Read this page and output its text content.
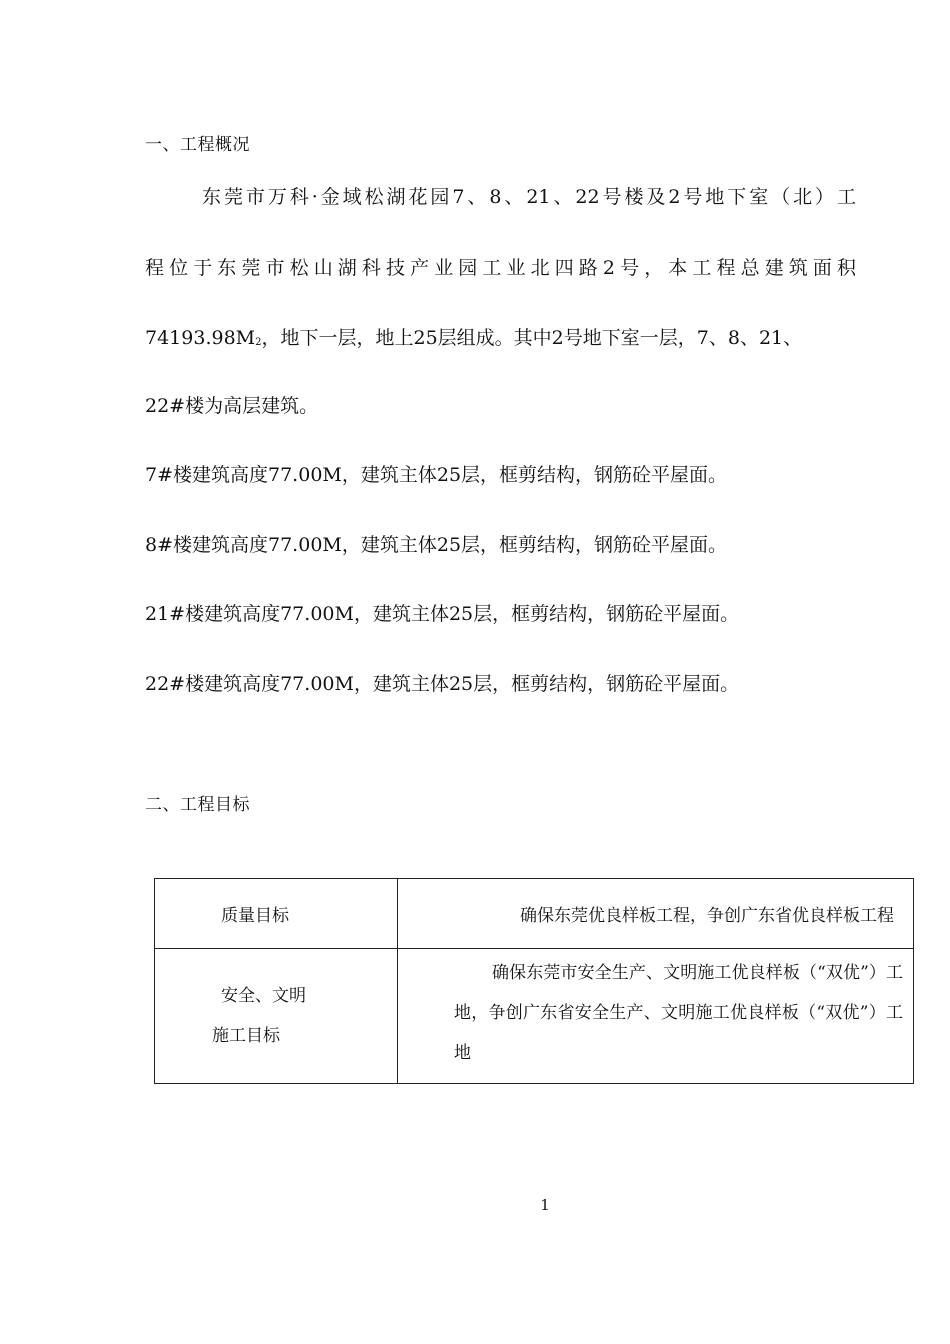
一、工程概况
东莞市万科·金域松湖花园7、8、21、22号楼及2号地下室（北）工
程位于东莞市松山湖科技产业园工业北四路2号，本工程总建筑面积
74193.98M2，地下一层，地上25层组成。其中2号地下室一层，7、8、21、
22#楼为高层建筑。
7#楼建筑高度77.00M，建筑主体25层，框剪结构，钢筋砼平屋面。
8#楼建筑高度77.00M，建筑主体25层，框剪结构，钢筋砼平屋面。
21#楼建筑高度77.00M，建筑主体25层，框剪结构，钢筋砼平屋面。
22#楼建筑高度77.00M，建筑主体25层，框剪结构，钢筋砼平屋面。
二、工程目标
质量目标	确保东莞优良样板工程，争创广东省优良样板工程

安全、文明
施工目标	确保东莞市安全生产、文明施工优良样板（“双优”）工地，争创广东省安全生产、文明施工优良样板（“双优”）工地
1
